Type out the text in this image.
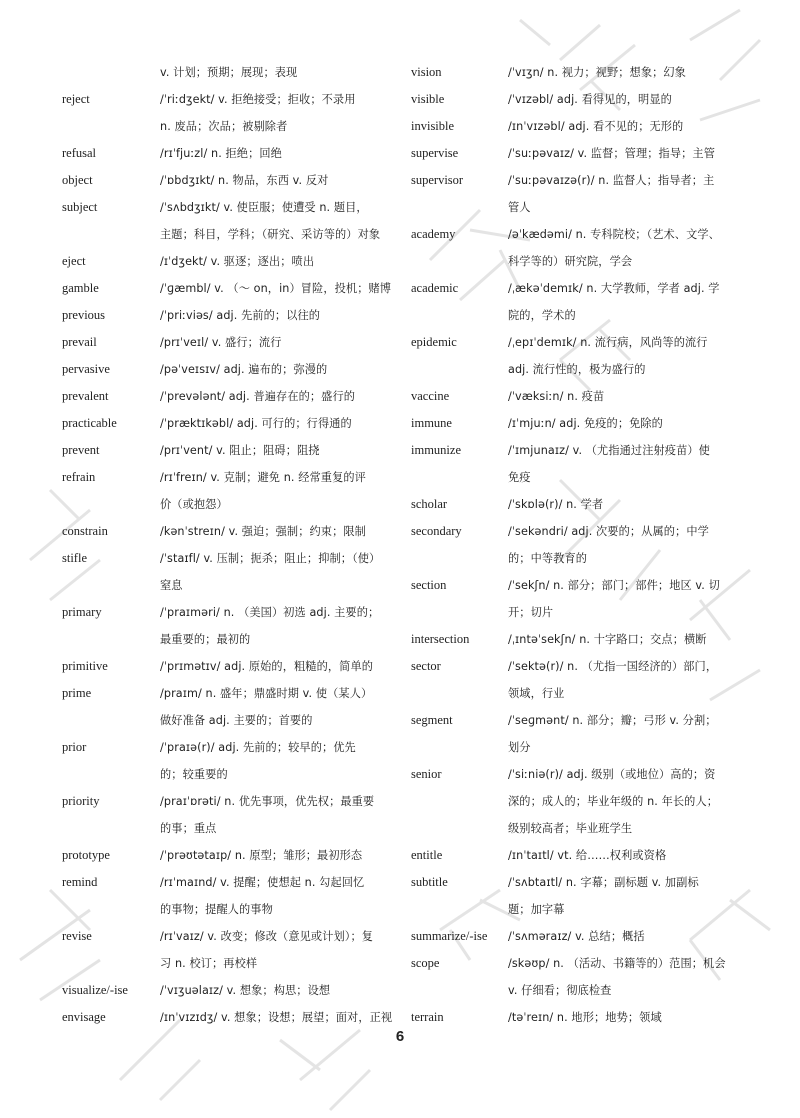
v. 计划；预期；展现；表现
reject	/ˈriːdʒekt/ v. 拒绝接受；拒收；不录用
n. 废品；次品；被剔除者
refusal	/rɪˈfjuːzl/ n. 拒绝；回绝
object	/ˈɒbdʒɪkt/ n. 物品，东西 v. 反对
subject	/ˈsʌbdʒɪkt/ v. 使臣服；使遭受 n. 题目，
主题；科目，学科；（研究、采访等的）对象
eject	/ɪˈdʒekt/ v. 驱逐；逐出；喷出
gamble	/ˈɡæmbl/ v. （～ on，in）冒险，投机；赌博
previous	/ˈpriːviəs/ adj. 先前的；以往的
prevail	/prɪˈveɪl/ v. 盛行；流行
pervasive	/pəˈveɪsɪv/ adj. 遍布的；弥漫的
prevalent	/ˈprevələnt/ adj. 普遍存在的；盛行的
practicable	/ˈpræktɪkəbl/ adj. 可行的；行得通的
prevent	/prɪˈvent/ v. 阻止；阻碍；阻挠
refrain	/rɪˈfreɪn/ v. 克制；避免 n. 经常重复的评
价（或抱怨）
constrain	/kənˈstreɪn/ v. 强迫；强制；约束；限制
stifle	/ˈstaɪfl/ v. 压制；扼杀；阻止；抑制；（使）
窒息
primary	/ˈpraɪməri/ n. （美国）初选 adj. 主要的；
最重要的；最初的
primitive	/ˈprɪmətɪv/ adj. 原始的，粗糙的，简单的
prime	/praɪm/ n. 盛年；鼎盛时期 v. 使（某人）
做好准备 adj. 主要的；首要的
prior	/ˈpraɪə(r)/ adj. 先前的；较早的；优先
的；较重要的
priority	/praɪˈɒrəti/ n. 优先事项，优先权；最重要
的事；重点
prototype	/ˈprəʊtətaɪp/ n. 原型；雏形；最初形态
remind	/rɪˈmaɪnd/ v. 提醒；使想起 n. 勾起回忆
的事物；提醒人的事物
revise	/rɪˈvaɪz/ v. 改变；修改（意见或计划）；复
习 n. 校订；再校样
visualize/-ise	/ˈvɪʒuəlaɪz/ v. 想象；构思；设想
envisage	/ɪnˈvɪzɪdʒ/ v. 想象；设想；展望；面对，正视
vision	/ˈvɪʒn/ n. 视力；视野；想象；幻象
visible	/ˈvɪzəbl/ adj. 看得见的，明显的
invisible	/ɪnˈvɪzəbl/ adj. 看不见的；无形的
supervise	/ˈsuːpəvaɪz/ v. 监督；管理；指导；主管
supervisor	/ˈsuːpəvaɪzə(r)/ n. 监督人；指导者；主
管人
academy	/əˈkædəmi/ n. 专科院校；（艺术、文学、
科学等的）研究院，学会
academic	/ˌækəˈdemɪk/ n. 大学教师，学者 adj. 学
院的，学术的
epidemic	/ˌepɪˈdemɪk/ n. 流行病，风尚等的流行
adj. 流行性的，极为盛行的
vaccine	/ˈvæksiːn/ n. 疫苗
immune	/ɪˈmjuːn/ adj. 免疫的；免除的
immunize	/ˈɪmjunaɪz/ v. （尤指通过注射疫苗）使
免疫
scholar	/ˈskɒlə(r)/ n. 学者
secondary	/ˈsekəndri/ adj. 次要的；从属的；中学
的；中等教育的
section	/ˈsekʃn/ n. 部分；部门；部件；地区 v. 切
开；切片
intersection	/ˌɪntəˈsekʃn/ n. 十字路口；交点；横断
sector	/ˈsektə(r)/ n. （尤指一国经济的）部门，
领域，行业
segment	/ˈseɡmənt/ n. 部分；瓣；弓形 v. 分割；
划分
senior	/ˈsiːniə(r)/ adj. 级别（或地位）高的；资
深的；成人的；毕业年级的 n. 年长的人；
级别较高者；毕业班学生
entitle	/ɪnˈtaɪtl/ vt. 给……权利或资格
subtitle	/ˈsʌbtaɪtl/ n. 字幕；副标题 v. 加副标
题；加字幕
summarize/-ise	/ˈsʌməraɪz/ v. 总结；概括
scope	/skəʊp/ n. （活动、书籍等的）范围；机会
v. 仔细看；彻底检查
terrain	/təˈreɪn/ n. 地形；地势；领域
6
